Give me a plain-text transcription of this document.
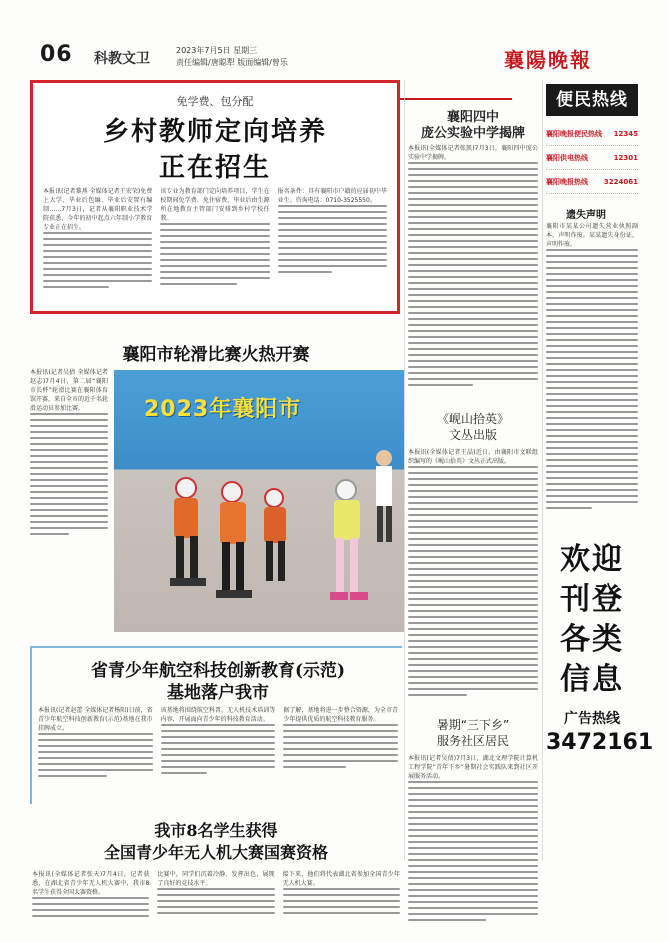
06 科教文卫
2023年7月5日 星期三
责任编辑/唐聪犁 版面编辑/曾乐	襄陽晚報
免学费、包分配
乡村教师定向培养
正在招生

本报讯(记者黎燕 全媒体记者王宏荣)免费上大学、毕业后包编、毕业后安置有编制……7月3日，记者从襄阳职业技术学院获悉，今年的初中起点六年制小学教育专业正在招生。

该专业为教育部门定向培养项目，学生在校期间免学费、免住宿费，毕业后由生源所在地教育主管部门安排到乡村学校任教。

报名条件：具有襄阳市户籍的应届初中毕业生。咨询电话：0710-3525550。

襄阳市轮滑比赛火热开赛

本报讯(记者吴倩 全媒体记者赵志)7月4日，第二届“襄阳市长杯”轮滑比赛在襄阳体育馆开赛，来自全市的近千名轮滑运动员参加比赛。	2023年襄阳市
省青少年航空科技创新教育(示范)
基地落户我市

本报讯(记者赵蕾 全媒体记者杨阳)日前，省青少年航空科技创新教育(示范)基地在我市挂牌成立。

该基地将围绕航空科普、无人机技术培训等内容，开展面向青少年的科技教育活动。

据了解，基地将进一步整合资源，为全市青少年提供优质的航空科技教育服务。

我市8名学生获得
全国青少年无人机大赛国赛资格

本报讯(全媒体记者张天)7月4日，记者获悉，在湖北省青少年无人机大赛中，我市8名学生获得全国大赛资格。

比赛中，同学们沉着冷静、发挥出色，展现了良好的竞技水平。

接下来，他们将代表湖北省参加全国青少年无人机大赛。

襄阳四中
庞公实验中学揭牌

本报讯(全媒体记者张凯)7月3日，襄阳四中庞公实验中学揭牌。

《岘山拾英》
文丛出版

本报讯(全媒体记者王晶)近日，由襄阳市文联组织编写的《岘山拾英》文丛正式出版。

暑期“三下乡”
服务社区居民

本报讯(记者吴倩)7月3日，湖北文理学院计算机工程学院“青年下乡”暑期社会实践队来到社区开展服务活动。

便民热线
襄阳晚报便民热线 12345
襄阳供电热线	12301
襄阳晚报热线 3224061
遗失声明

襄阳市某某公司遗失营业执照副本，声明作废。某某遗失身份证，声明作废。

欢迎
刊登
各类
信息
广告热线
3472161
